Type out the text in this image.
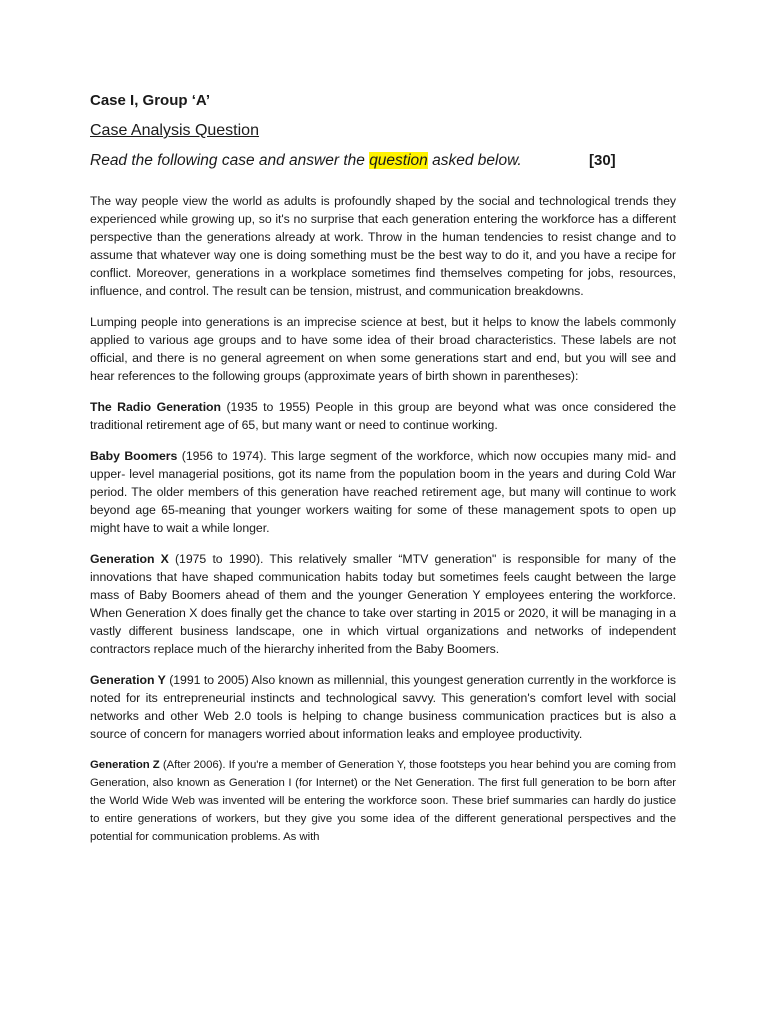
Case I, Group ‘A’
Case Analysis Question
Read the following case and answer the question asked below.	[30]

The way people view the world as adults is profoundly shaped by the social and technological trends they experienced while growing up, so it's no surprise that each generation entering the workforce has a different perspective than the generations already at work. Throw in the human tendencies to resist change and to assume that whatever way one is doing something must be the best way to do it, and you have a recipe for conflict. Moreover, generations in a workplace sometimes find themselves competing for jobs, resources, influence, and control. The result can be tension, mistrust, and communication breakdowns.

Lumping people into generations is an imprecise science at best, but it helps to know the labels commonly applied to various age groups and to have some idea of their broad characteristics. These labels are not official, and there is no general agreement on when some generations start and end, but you will see and hear references to the following groups (approximate years of birth shown in parentheses):

The Radio Generation (1935 to 1955) People in this group are beyond what was once considered the traditional retirement age of 65, but many want or need to continue working.

Baby Boomers (1956 to 1974). This large segment of the workforce, which now occupies many mid- and upper- level managerial positions, got its name from the population boom in the years and during Cold War period. The older members of this generation have reached retirement age, but many will continue to work beyond age 65-meaning that younger workers waiting for some of these management spots to open up might have to wait a while longer.

Generation X (1975 to 1990). This relatively smaller “MTV generation" is responsible for many of the innovations that have shaped communication habits today but sometimes feels caught between the large mass of Baby Boomers ahead of them and the younger Generation Y employees entering the workforce. When Generation X does finally get the chance to take over starting in 2015 or 2020, it will be managing in a vastly different business landscape, one in which virtual organizations and networks of independent contractors replace much of the hierarchy inherited from the Baby Boomers.

Generation Y (1991 to 2005) Also known as millennial, this youngest generation currently in the workforce is noted for its entrepreneurial instincts and technological savvy. This generation's comfort level with social networks and other Web 2.0 tools is helping to change business communication practices but is also a source of concern for managers worried about information leaks and employee productivity.

Generation Z (After 2006). If you're a member of Generation Y, those footsteps you hear behind you are coming from Generation, also known as Generation I (for Internet) or the Net Generation. The first full generation to be born after the World Wide Web was invented will be entering the workforce soon. These brief summaries can hardly do justice to entire generations of workers, but they give you some idea of the different generational perspectives and the potential for communication problems. As with
